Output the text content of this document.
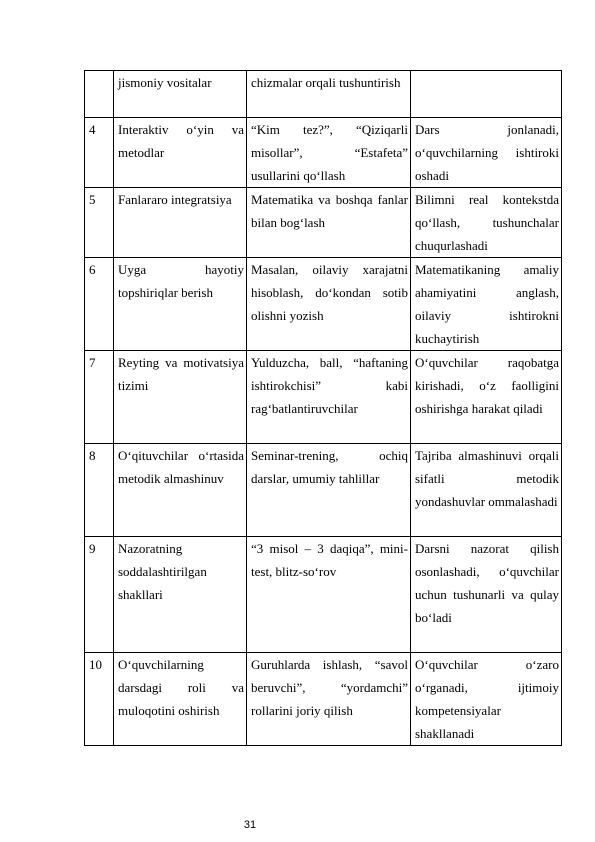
	jismoniy vositalar	chizmalar orqali tushuntirish	
4	Interaktiv o‘yin va metodlar	“Kim tez?”, “Qiziqarli misollar”, “Estafeta” usullarini qo‘llash	Dars jonlanadi, o‘quvchilarning ishtiroki oshadi
5	Fanlararo integratsiya	Matematika va boshqa fanlar bilan bog‘lash	Bilimni real kontekstda qo‘llash, tushunchalar chuqurlashadi
6	Uyga hayotiy topshiriqlar berish	Masalan, oilaviy xarajatni hisoblash, do‘kondan sotib olishni yozish	Matematikaning amaliy ahamiyatini anglash, oilaviy ishtirokni kuchaytirish
7	Reyting va motivatsiya tizimi	Yulduzcha, ball, “haftaning ishtirokchisi” kabi rag‘batlantiruvchilar	O‘quvchilar raqobatga kirishadi, o‘z faolligini oshirishga harakat qiladi
8	O‘qituvchilar o‘rtasida metodik almashinuv	Seminar-trening, ochiq darslar, umumiy tahlillar	Tajriba almashinuvi orqali sifatli metodik yondashuvlar ommalashadi
9	Nazoratning soddalashtirilgan shakllari	“3 misol – 3 daqiqa”, mini-test, blitz-so‘rov	Darsni nazorat qilish osonlashadi, o‘quvchilar uchun tushunarli va qulay bo‘ladi
10	O‘quvchilarning darsdagi roli va muloqotini oshirish	Guruhlarda ishlash, “savol beruvchi”, “yordamchi” rollarini joriy qilish	O‘quvchilar o‘zaro o‘rganadi, ijtimoiy kompetensiyalar shakllanadi
31
